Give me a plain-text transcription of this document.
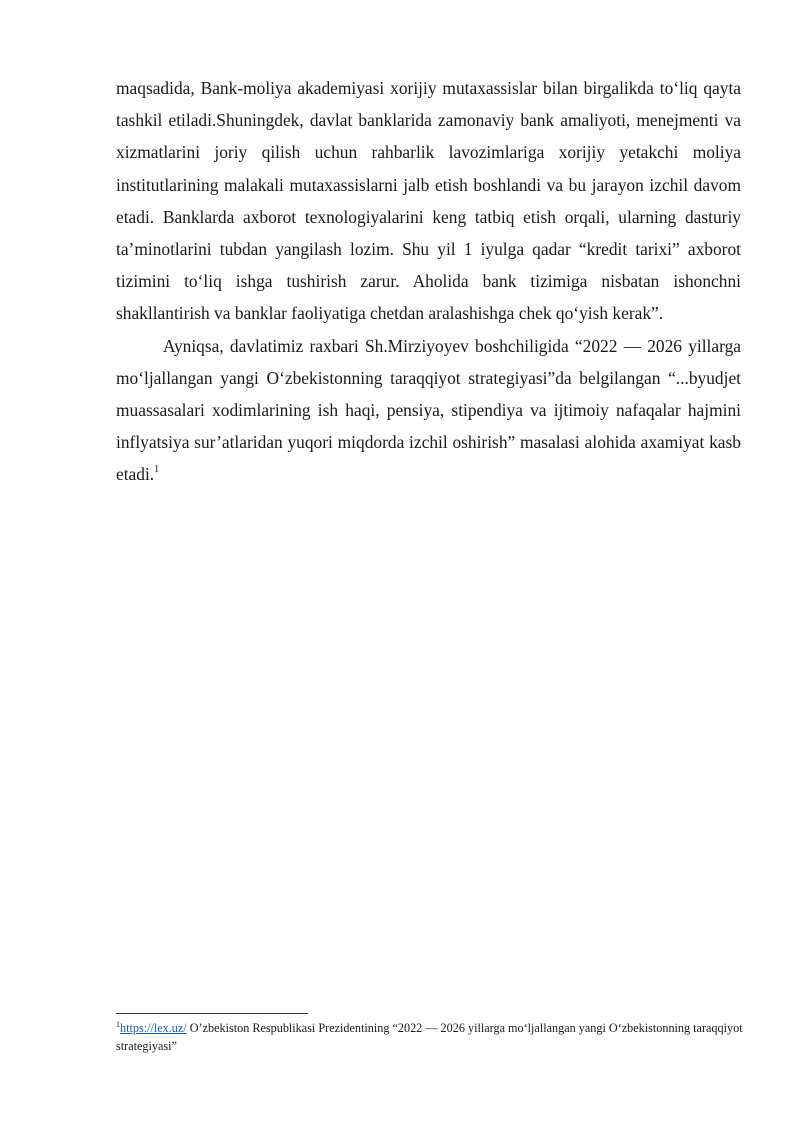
maqsadida, Bank-moliya akademiyasi xorijiy mutaxassislar bilan birgalikda to‘liq qayta tashkil etiladi.Shuningdek, davlat banklarida zamonaviy bank amaliyoti, menejmenti va xizmatlarini joriy qilish uchun rahbarlik lavozimlariga xorijiy yetakchi moliya institutlarining malakali mutaxassislarni jalb etish boshlandi va bu jarayon izchil davom etadi. Banklarda axborot texnologiyalarini keng tatbiq etish orqali, ularning dasturiy ta’minotlarini tubdan yangilash lozim. Shu yil 1 iyulga qadar “kredit tarixi” axborot tizimini to‘liq ishga tushirish zarur. Aholida bank tizimiga nisbatan ishonchni shakllantirish va banklar faoliyatiga chetdan aralashishga chek qo‘yish kerak”.

Ayniqsa, davlatimiz raxbari Sh.Mirziyoyev boshchiligida “2022 — 2026 yillarga mo‘ljallangan yangi O‘zbekistonning taraqqiyot strategiyasi”da belgilangan “...byudjet muassasalari xodimlarining ish haqi, pensiya, stipendiya va ijtimoiy nafaqalar hajmini inflyatsiya sur’atlaridan yuqori miqdorda izchil oshirish” masalasi alohida axamiyat kasb etadi.$^1$

$^1$https://lex.uz/ O’zbekiston Respublikasi Prezidentining “2022 — 2026 yillarga mo‘ljallangan yangi O‘zbekistonning taraqqiyot strategiyasi”
